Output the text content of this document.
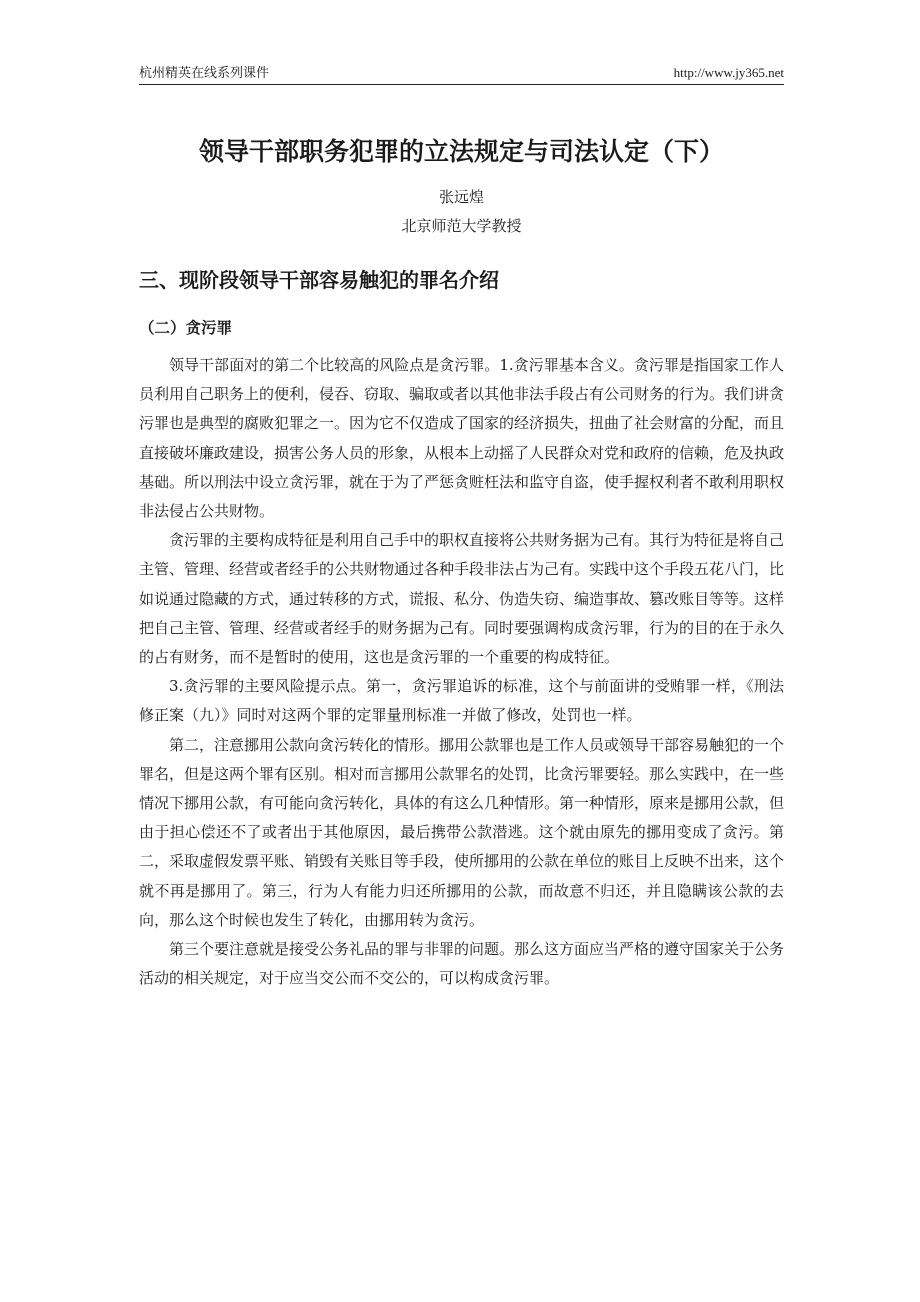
杭州精英在线系列课件	http://www.jy365.net
领导干部职务犯罪的立法规定与司法认定（下）
张远煌
北京师范大学教授
三、现阶段领导干部容易触犯的罪名介绍
（二）贪污罪

领导干部面对的第二个比较高的风险点是贪污罪。1.贪污罪基本含义。贪污罪是指国家工作人员利用自己职务上的便利，侵吞、窃取、骗取或者以其他非法手段占有公司财务的行为。我们讲贪污罪也是典型的腐败犯罪之一。因为它不仅造成了国家的经济损失，扭曲了社会财富的分配，而且直接破坏廉政建设，损害公务人员的形象，从根本上动摇了人民群众对党和政府的信赖，危及执政基础。所以刑法中设立贪污罪，就在于为了严惩贪赃枉法和监守自盗，使手握权利者不敢利用职权非法侵占公共财物。

贪污罪的主要构成特征是利用自己手中的职权直接将公共财务据为己有。其行为特征是将自己主管、管理、经营或者经手的公共财物通过各种手段非法占为己有。实践中这个手段五花八门，比如说通过隐藏的方式，通过转移的方式，谎报、私分、伪造失窃、编造事故、篡改账目等等。这样把自己主管、管理、经营或者经手的财务据为己有。同时要强调构成贪污罪，行为的目的在于永久的占有财务，而不是暂时的使用，这也是贪污罪的一个重要的构成特征。

3.贪污罪的主要风险提示点。第一，贪污罪追诉的标准，这个与前面讲的受贿罪一样，《刑法修正案（九）》同时对这两个罪的定罪量刑标准一并做了修改，处罚也一样。

第二，注意挪用公款向贪污转化的情形。挪用公款罪也是工作人员或领导干部容易触犯的一个罪名，但是这两个罪有区别。相对而言挪用公款罪名的处罚，比贪污罪要轻。那么实践中，在一些情况下挪用公款，有可能向贪污转化，具体的有这么几种情形。第一种情形，原来是挪用公款，但由于担心偿还不了或者出于其他原因，最后携带公款潜逃。这个就由原先的挪用变成了贪污。第二，采取虚假发票平账、销毁有关账目等手段，使所挪用的公款在单位的账目上反映不出来，这个就不再是挪用了。第三，行为人有能力归还所挪用的公款，而故意不归还，并且隐瞒该公款的去向，那么这个时候也发生了转化，由挪用转为贪污。

第三个要注意就是接受公务礼品的罪与非罪的问题。那么这方面应当严格的遵守国家关于公务活动的相关规定，对于应当交公而不交公的，可以构成贪污罪。
